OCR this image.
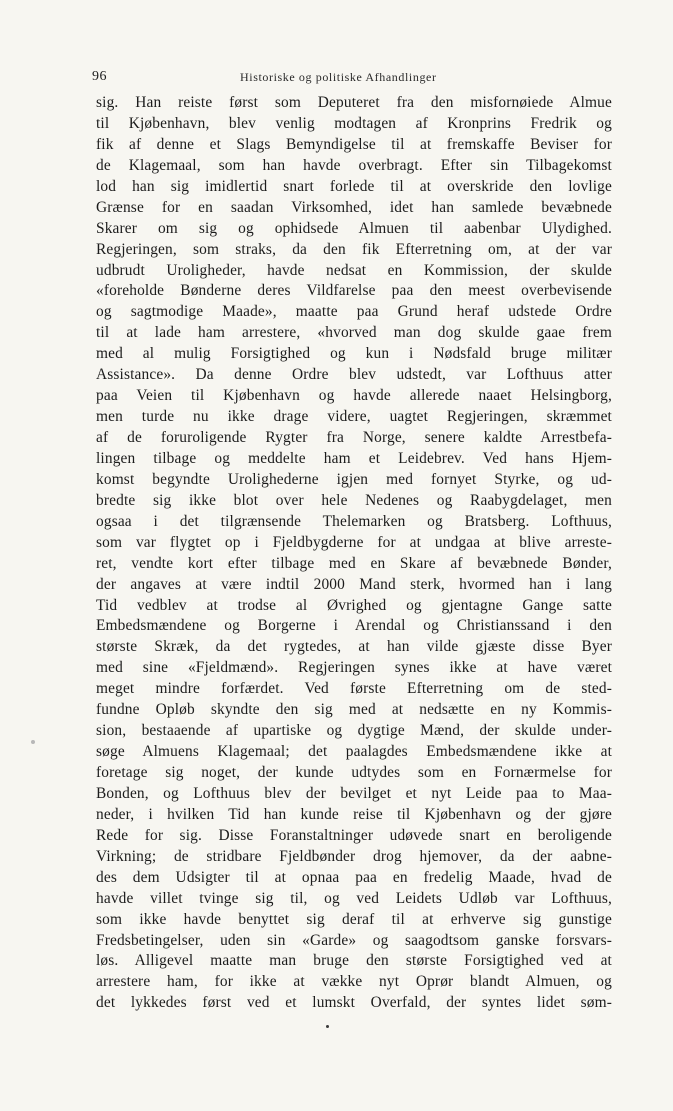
96	Historiske og politiske Afhandlinger
sig. Han reiste først som Deputeret fra den misfornøiede Almue
til Kjøbenhavn, blev venlig modtagen af Kronprins Fredrik og
fik af denne et Slags Bemyndigelse til at fremskaffe Beviser for
de Klagemaal, som han havde overbragt. Efter sin Tilbagekomst
lod han sig imidlertid snart forlede til at overskride den lovlige
Grænse for en saadan Virksomhed, idet han samlede bevæbnede
Skarer om sig og ophidsede Almuen til aabenbar Ulydighed.
Regjeringen, som straks, da den fik Efterretning om, at der var
udbrudt Uroligheder, havde nedsat en Kommission, der skulde
«foreholde Bønderne deres Vildfarelse paa den meest overbevisende
og sagtmodige Maade», maatte paa Grund heraf udstede Ordre
til at lade ham arrestere, «hvorved man dog skulde gaae frem
med al mulig Forsigtighed og kun i Nødsfald bruge militær
Assistance». Da denne Ordre blev udstedt, var Lofthuus atter
paa Veien til Kjøbenhavn og havde allerede naaet Helsingborg,
men turde nu ikke drage videre, uagtet Regjeringen, skræmmet
af de foruroligende Rygter fra Norge, senere kaldte Arrestbefa-
lingen tilbage og meddelte ham et Leidebrev. Ved hans Hjem-
komst begyndte Urolighederne igjen med fornyet Styrke, og ud-
bredte sig ikke blot over hele Nedenes og Raabygdelaget, men
ogsaa i det tilgrænsende Thelemarken og Bratsberg. Lofthuus,
som var flygtet op i Fjeldbygderne for at undgaa at blive arreste-
ret, vendte kort efter tilbage med en Skare af bevæbnede Bønder,
der angaves at være indtil 2000 Mand sterk, hvormed han i lang
Tid vedblev at trodse al Øvrighed og gjentagne Gange satte
Embedsmændene og Borgerne i Arendal og Christianssand i den
største Skræk, da det rygtedes, at han vilde gjæste disse Byer
med sine «Fjeldmænd». Regjeringen synes ikke at have været
meget mindre forfærdet. Ved første Efterretning om de sted-
fundne Opløb skyndte den sig med at nedsætte en ny Kommis-
sion, bestaaende af upartiske og dygtige Mænd, der skulde under-
søge Almuens Klagemaal; det paalagdes Embedsmændene ikke at
foretage sig noget, der kunde udtydes som en Fornærmelse for
Bonden, og Lofthuus blev der bevilget et nyt Leide paa to Maa-
neder, i hvilken Tid han kunde reise til Kjøbenhavn og der gjøre
Rede for sig. Disse Foranstaltninger udøvede snart en beroligende
Virkning; de stridbare Fjeldbønder drog hjemover, da der aabne-
des dem Udsigter til at opnaa paa en fredelig Maade, hvad de
havde villet tvinge sig til, og ved Leidets Udløb var Lofthuus,
som ikke havde benyttet sig deraf til at erhverve sig gunstige
Fredsbetingelser, uden sin «Garde» og saagodtsom ganske forsvars-
løs. Alligevel maatte man bruge den største Forsigtighed ved at
arrestere ham, for ikke at vække nyt Oprør blandt Almuen, og
det lykkedes først ved et lumskt Overfald, der syntes lidet søm-
